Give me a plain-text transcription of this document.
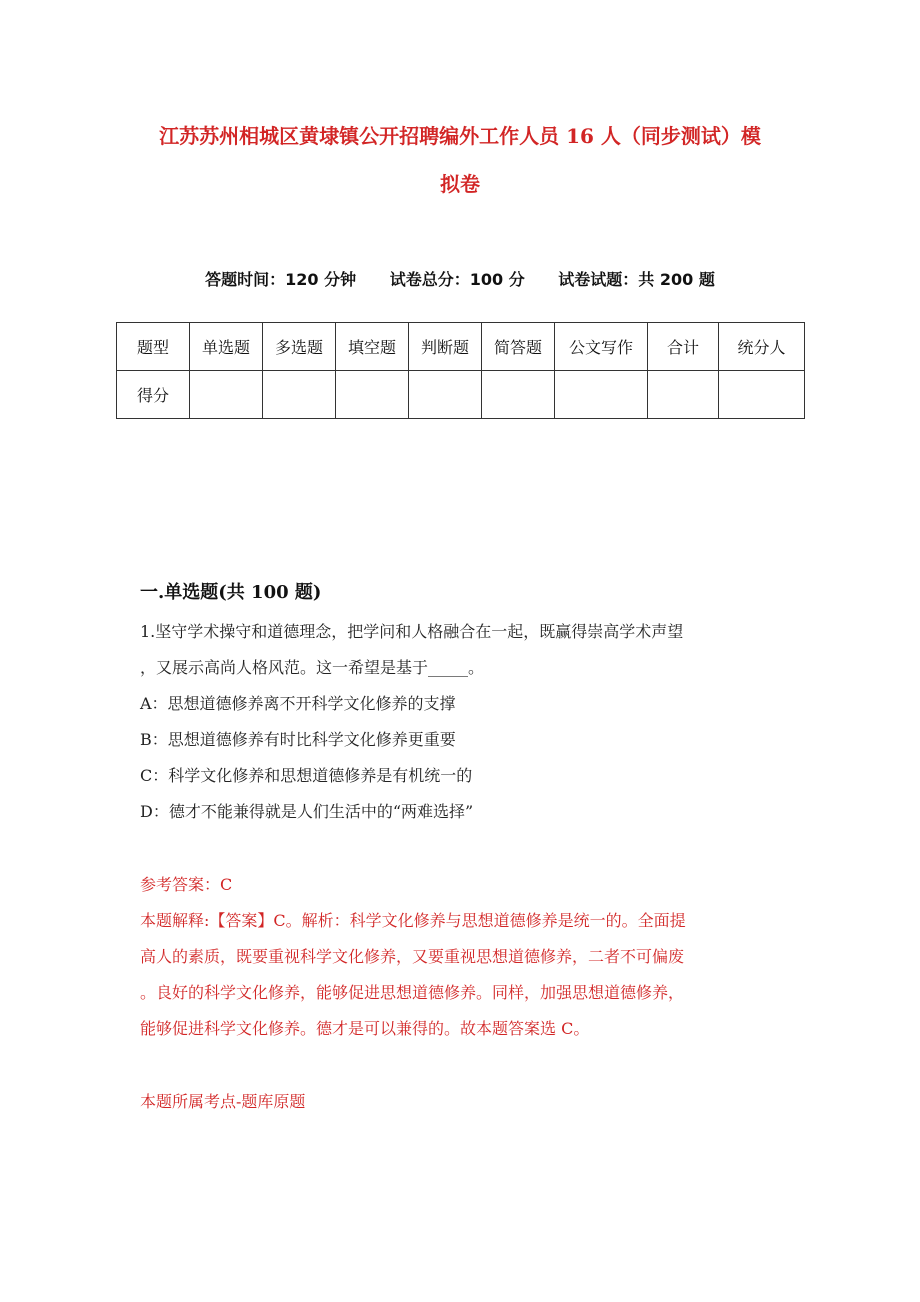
江苏苏州相城区黄埭镇公开招聘编外工作人员 16 人（同步测试）模
拟卷
答题时间：120 分钟 试卷总分：100 分 试卷试题：共 200 题
题型	单选题	多选题	填空题	判断题	简答题	公文写作	合计	统分人
得分								
一.单选题(共 100 题)
1.坚守学术操守和道德理念，把学问和人格融合在一起，既赢得崇高学术声望
，又展示高尚人格风范。这一希望是基于_____。
A：思想道德修养离不开科学文化修养的支撑
B：思想道德修养有时比科学文化修养更重要
C：科学文化修养和思想道德修养是有机统一的
D：德才不能兼得就是人们生活中的“两难选择”
参考答案：C
本题解释:【答案】C。解析：科学文化修养与思想道德修养是统一的。全面提
高人的素质，既要重视科学文化修养，又要重视思想道德修养，二者不可偏废
。良好的科学文化修养，能够促进思想道德修养。同样，加强思想道德修养，
能够促进科学文化修养。德才是可以兼得的。故本题答案选 C。
本题所属考点-题库原题
